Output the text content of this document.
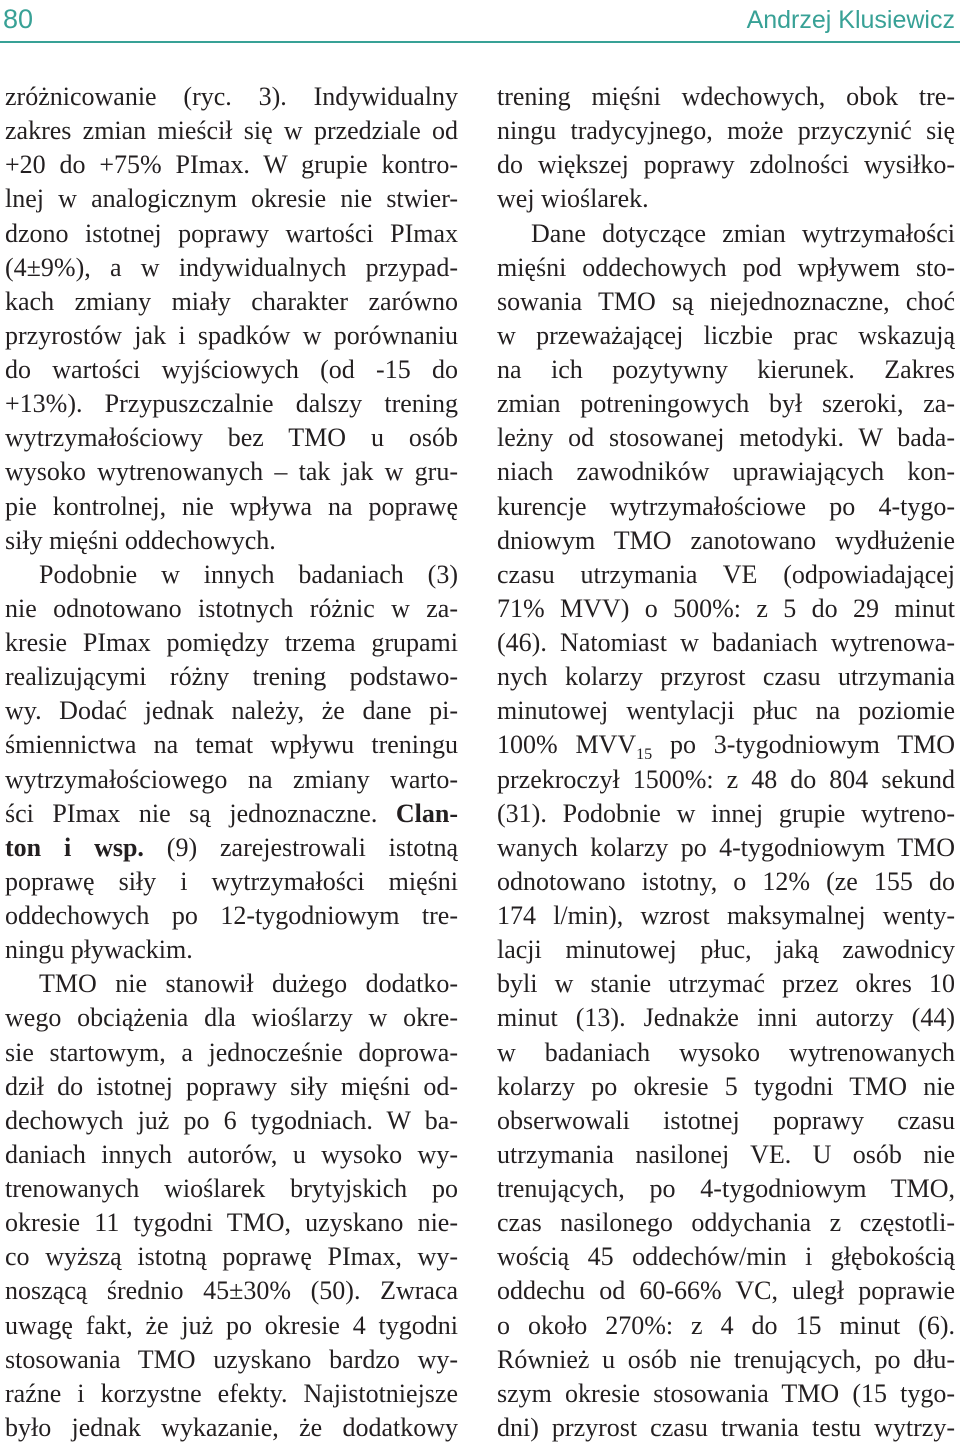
80	Andrzej Klusiewicz
zróżnicowanie (ryc. 3). Indywidualny
zakres zmian mieścił się w przedziale od
+20 do +75% PImax. W grupie kontro-
lnej w analogicznym okresie nie stwier-
dzono istotnej poprawy wartości PImax
(4±9%), a w indywidualnych przypad-
kach zmiany miały charakter zarówno
przyrostów jak i spadków w porównaniu
do wartości wyjściowych (od -15 do
+13%). Przypuszczalnie dalszy trening
wytrzymałościowy bez TMO u osób
wysoko wytrenowanych – tak jak w gru-
pie kontrolnej, nie wpływa na poprawę
siły mięśni oddechowych.
Podobnie w innych badaniach (3)
nie odnotowano istotnych różnic w za-
kresie PImax pomiędzy trzema grupami
realizującymi różny trening podstawo-
wy. Dodać jednak należy, że dane pi-
śmiennictwa na temat wpływu treningu
wytrzymałościowego na zmiany warto-
ści PImax nie są jednoznaczne. Clan-
ton i wsp. (9) zarejestrowali istotną
poprawę siły i wytrzymałości mięśni
oddechowych po 12-tygodniowym tre-
ningu pływackim.
TMO nie stanowił dużego dodatko-
wego obciążenia dla wioślarzy w okre-
sie startowym, a jednocześnie doprowa-
dził do istotnej poprawy siły mięśni od-
dechowych już po 6 tygodniach. W ba-
daniach innych autorów, u wysoko wy-
trenowanych wioślarek brytyjskich po
okresie 11 tygodni TMO, uzyskano nie-
co wyższą istotną poprawę PImax, wy-
noszącą średnio 45±30% (50). Zwraca
uwagę fakt, że już po okresie 4 tygodni
stosowania TMO uzyskano bardzo wy-
raźne i korzystne efekty. Najistotniejsze
było jednak wykazanie, że dodatkowy
trening mięśni wdechowych, obok tre-
ningu tradycyjnego, może przyczynić się
do większej poprawy zdolności wysiłko-
wej wioślarek.
Dane dotyczące zmian wytrzymałości
mięśni oddechowych pod wpływem sto-
sowania TMO są niejednoznaczne, choć
w przeważającej liczbie prac wskazują
na ich pozytywny kierunek. Zakres
zmian potreningowych był szeroki, za-
leżny od stosowanej metodyki. W bada-
niach zawodników uprawiających kon-
kurencje wytrzymałościowe po 4-tygo-
dniowym TMO zanotowano wydłużenie
czasu utrzymania VE (odpowiadającej
71% MVV) o 500%: z 5 do 29 minut
(46). Natomiast w badaniach wytrenowa-
nych kolarzy przyrost czasu utrzymania
minutowej wentylacji płuc na poziomie
100% $MVV_{15}$ po 3-tygodniowym TMO
przekroczył 1500%: z 48 do 804 sekund
(31). Podobnie w innej grupie wytreno-
wanych kolarzy po 4-tygodniowym TMO
odnotowano istotny, o 12% (ze 155 do
174 l/min), wzrost maksymalnej wenty-
lacji minutowej płuc, jaką zawodnicy
byli w stanie utrzymać przez okres 10
minut (13). Jednakże inni autorzy (44)
w badaniach wysoko wytrenowanych
kolarzy po okresie 5 tygodni TMO nie
obserwowali istotnej poprawy czasu
utrzymania nasilonej VE. U osób nie
trenujących, po 4-tygodniowym TMO,
czas nasilonego oddychania z częstotli-
wością 45 oddechów/min i głębokością
oddechu od 60-66% VC, uległ poprawie
o około 270%: z 4 do 15 minut (6).
Również u osób nie trenujących, po dłu-
szym okresie stosowania TMO (15 tygo-
dni) przyrost czasu trwania testu wytrzy-
